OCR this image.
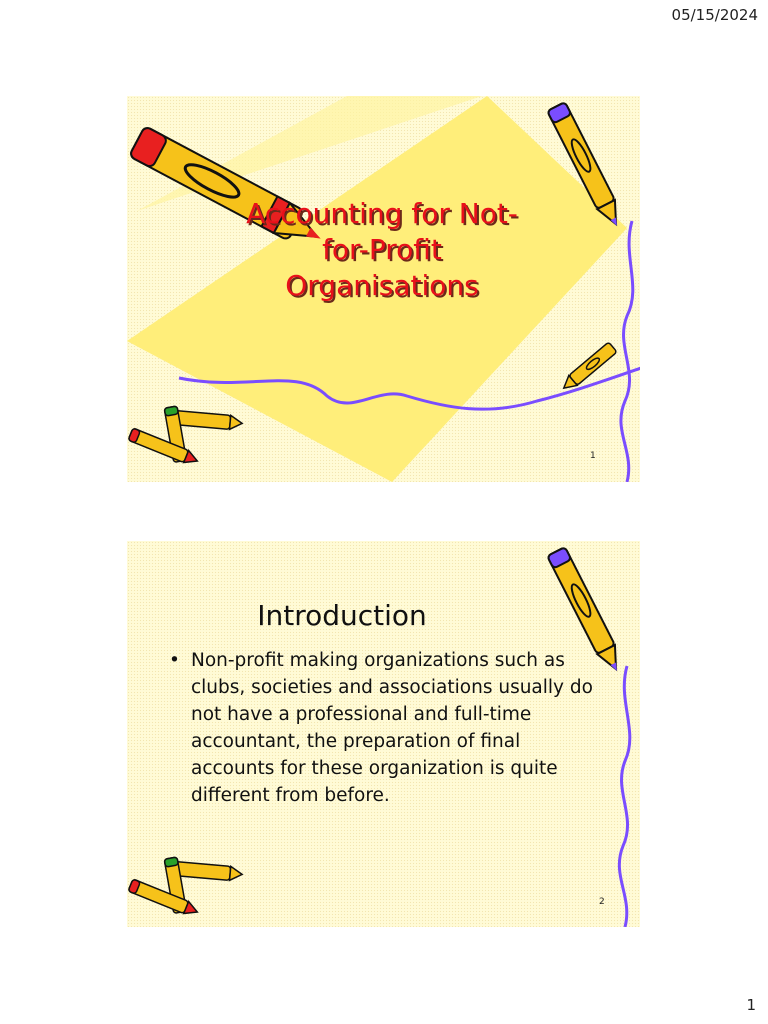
05/15/2024
Accounting for Not-
for-Profit
Organisations
1
Introduction
• Non-profit making organizations such as clubs, societies and associations usually do not have a professional and full-time accountant, the preparation of final accounts for these organization is quite different from before.
2
1
